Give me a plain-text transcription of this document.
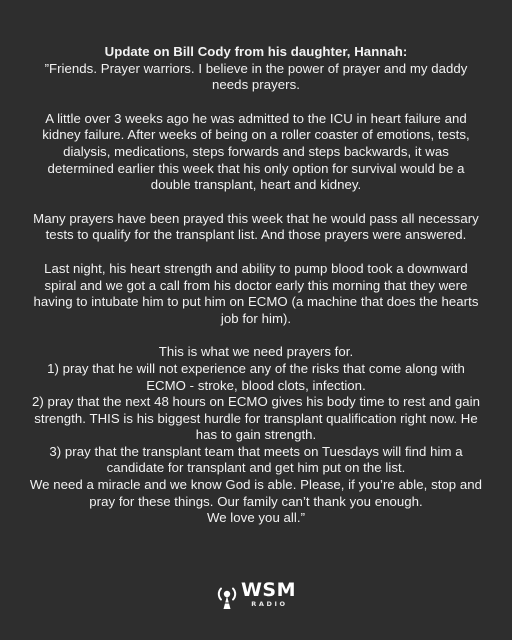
Update on Bill Cody from his daughter, Hannah:

”Friends. Prayer warriors. I believe in the power of prayer and my daddy needs prayers.

A little over 3 weeks ago he was admitted to the ICU in heart failure and kidney failure. After weeks of being on a roller coaster of emotions, tests, dialysis, medications, steps forwards and steps backwards, it was determined earlier this week that his only option for survival would be a double transplant, heart and kidney.

Many prayers have been prayed this week that he would pass all necessary tests to qualify for the transplant list. And those prayers were answered.

Last night, his heart strength and ability to pump blood took a downward spiral and we got a call from his doctor early this morning that they were having to intubate him to put him on ECMO (a machine that does the hearts job for him).

This is what we need prayers for.

1) pray that he will not experience any of the risks that come along with ECMO - stroke, blood clots, infection.

2) pray that the next 48 hours on ECMO gives his body time to rest and gain strength. THIS is his biggest hurdle for transplant qualification right now. He has to gain strength.

3) pray that the transplant team that meets on Tuesdays will find him a candidate for transplant and get him put on the list.

We need a miracle and we know God is able. Please, if you’re able, stop and pray for these things. Our family can’t thank you enough.

We love you all.”

WSM
RADIO
